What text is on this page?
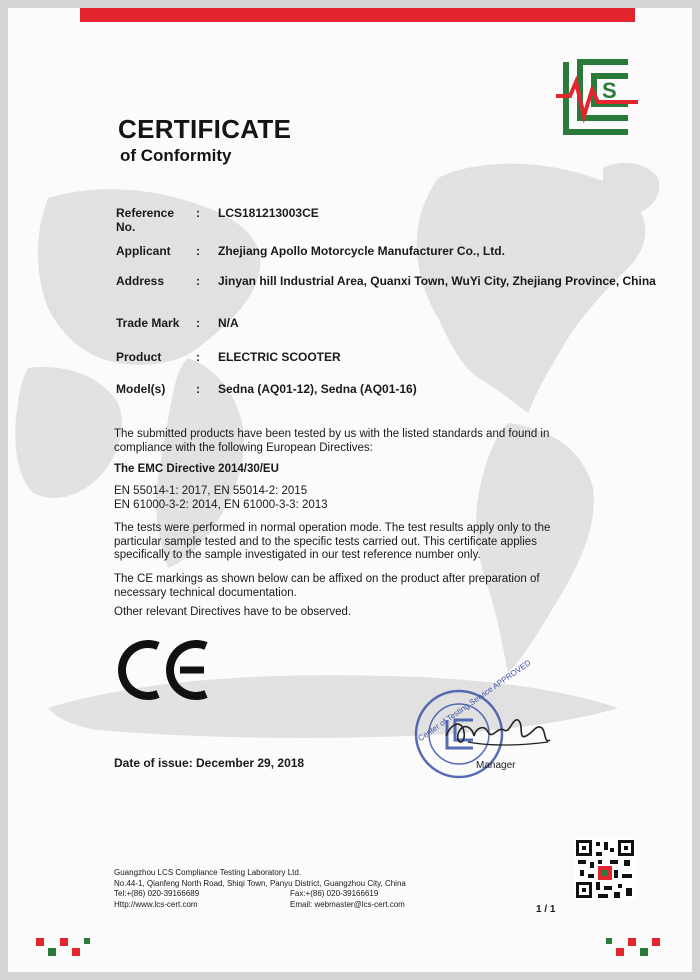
S
CERTIFICATE
of Conformity
Reference No.
: LCS181213003CE
Applicant	: Zhejiang Apollo Motorcycle Manufacturer Co., Ltd.
Address	: Jinyan hill Industrial Area, Quanxi Town, WuYi City, Zhejiang Province, China
Trade Mark	: N/A
Product	: ELECTRIC SCOOTER
Model(s)	: Sedna (AQ01-12), Sedna (AQ01-16)

The submitted products have been tested by us with the listed standards and found in compliance with the following European Directives:

The EMC Directive 2014/30/EU

EN 55014-1: 2017, EN 55014-2: 2015

EN 61000-3-2: 2014, EN 61000-3-3: 2013

The tests were performed in normal operation mode. The test results apply only to the particular sample tested and to the specific tests carried out. This certificate applies specifically to the sample investigated in our test reference number only.

The CE markings as shown below can be affixed on the product after preparation of necessary technical documentation.

Other relevant Directives have to be observed.

Center of Testing Service APPROVED
Manager
Date of issue: December 29, 2018
Guangzhou LCS Compliance Testing Laboratory Ltd.
No.44-1, Qianfeng North Road, Shiqi Town, Panyu District, Guangzhou City, China
Tel:+(86) 020-39166689	Fax:+(86) 020-39166619
Http://www.lcs-cert.com	Email: webmaster@lcs-cert.com	1 / 1
